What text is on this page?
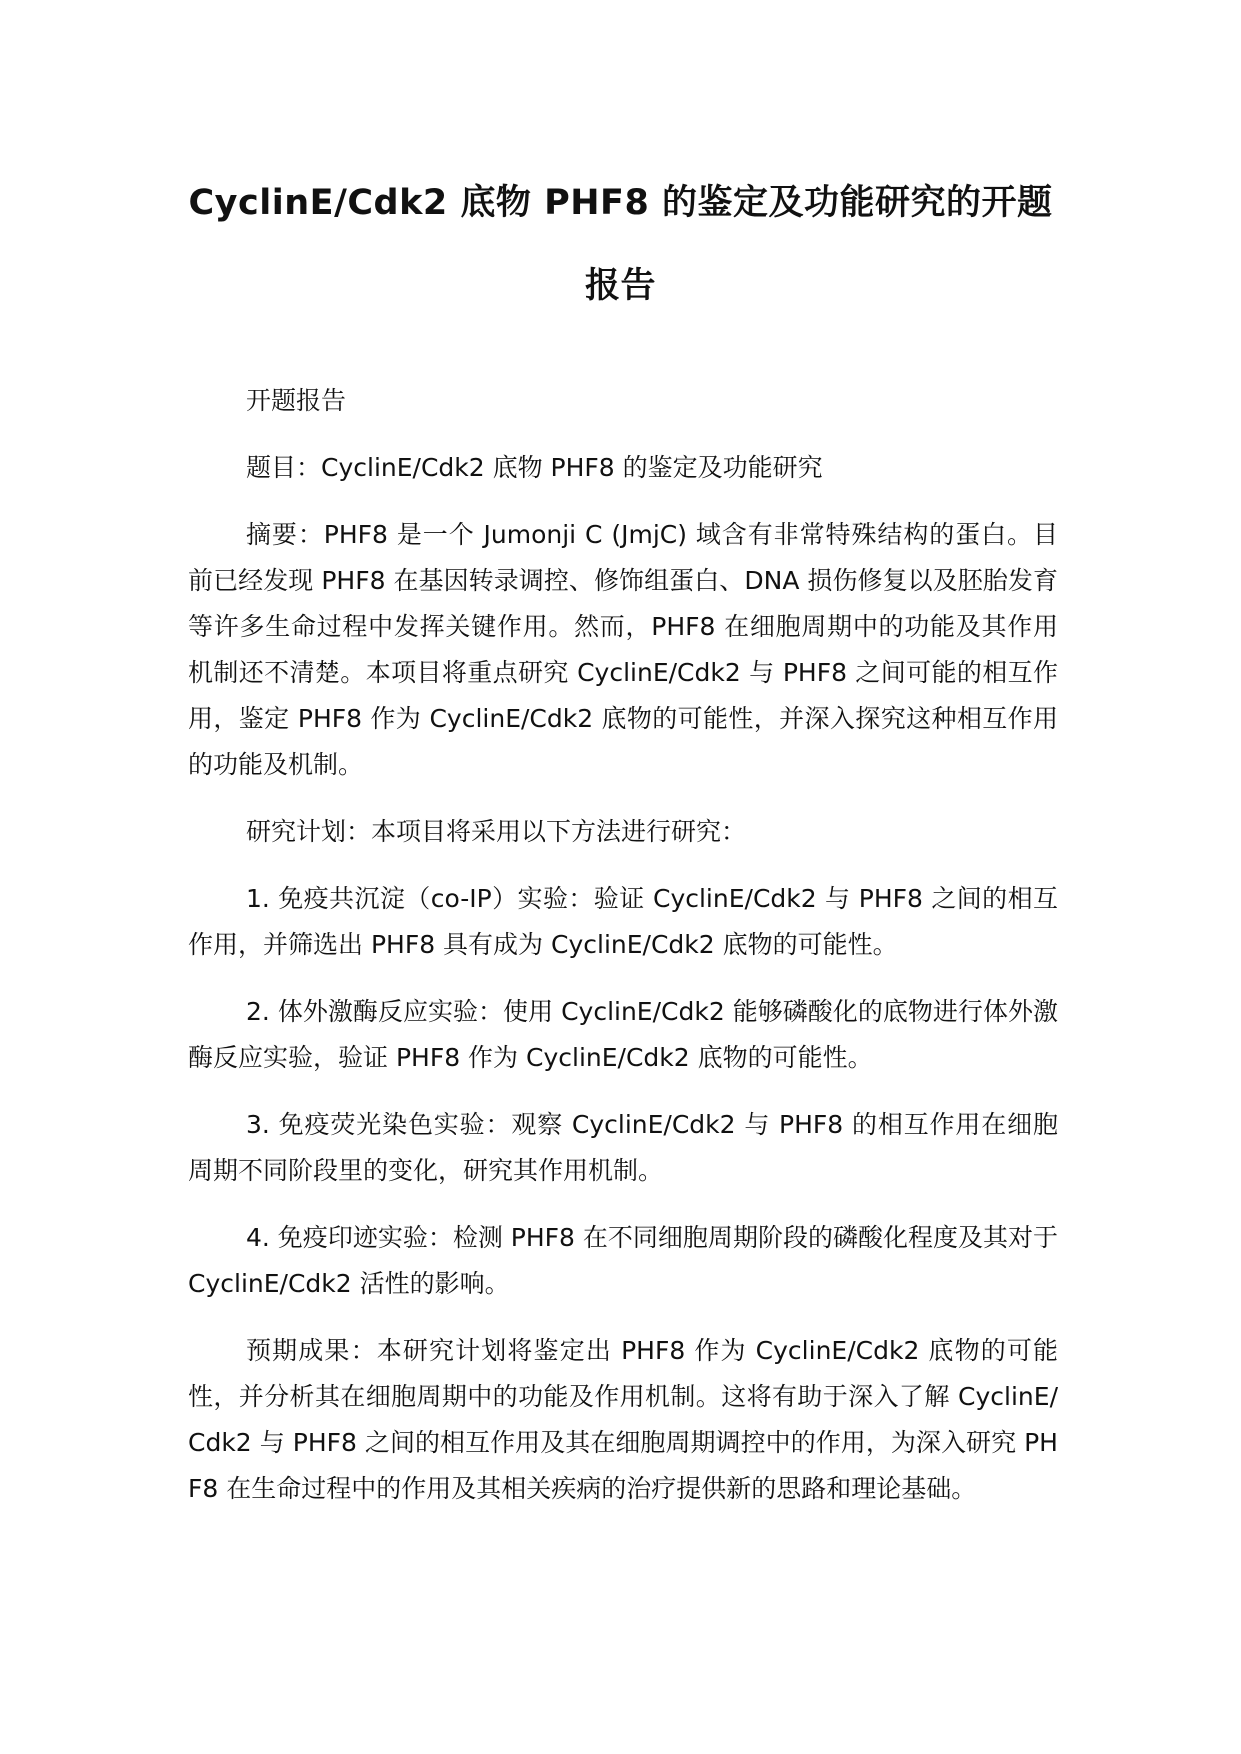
CyclinE/Cdk2 底物 PHF8 的鉴定及功能研究的开题
报告

开题报告

题目：CyclinE/Cdk2 底物 PHF8 的鉴定及功能研究

摘要：PHF8 是一个 Jumonji C (JmjC) 域含有非常特殊结构的蛋白。目前已经发现 PHF8 在基因转录调控、修饰组蛋白、DNA 损伤修复以及胚胎发育等许多生命过程中发挥关键作用。然而，PHF8 在细胞周期中的功能及其作用机制还不清楚。本项目将重点研究 CyclinE/Cdk2 与 PHF8 之间可能的相互作用，鉴定 PHF8 作为 CyclinE/Cdk2 底物的可能性，并深入探究这种相互作用的功能及机制。

研究计划：本项目将采用以下方法进行研究：

1. 免疫共沉淀（co-IP）实验：验证 CyclinE/Cdk2 与 PHF8 之间的相互作用，并筛选出 PHF8 具有成为 CyclinE/Cdk2 底物的可能性。

2. 体外激酶反应实验：使用 CyclinE/Cdk2 能够磷酸化的底物进行体外激酶反应实验，验证 PHF8 作为 CyclinE/Cdk2 底物的可能性。

3. 免疫荧光染色实验：观察 CyclinE/Cdk2 与 PHF8 的相互作用在细胞周期不同阶段里的变化，研究其作用机制。

4. 免疫印迹实验：检测 PHF8 在不同细胞周期阶段的磷酸化程度及其对于 CyclinE/Cdk2 活性的影响。

预期成果：本研究计划将鉴定出 PHF8 作为 CyclinE/Cdk2 底物的可能性，并分析其在细胞周期中的功能及作用机制。这将有助于深入了解 CyclinE/Cdk2 与 PHF8 之间的相互作用及其在细胞周期调控中的作用，为深入研究 PHF8 在生命过程中的作用及其相关疾病的治疗提供新的思路和理论基础。
